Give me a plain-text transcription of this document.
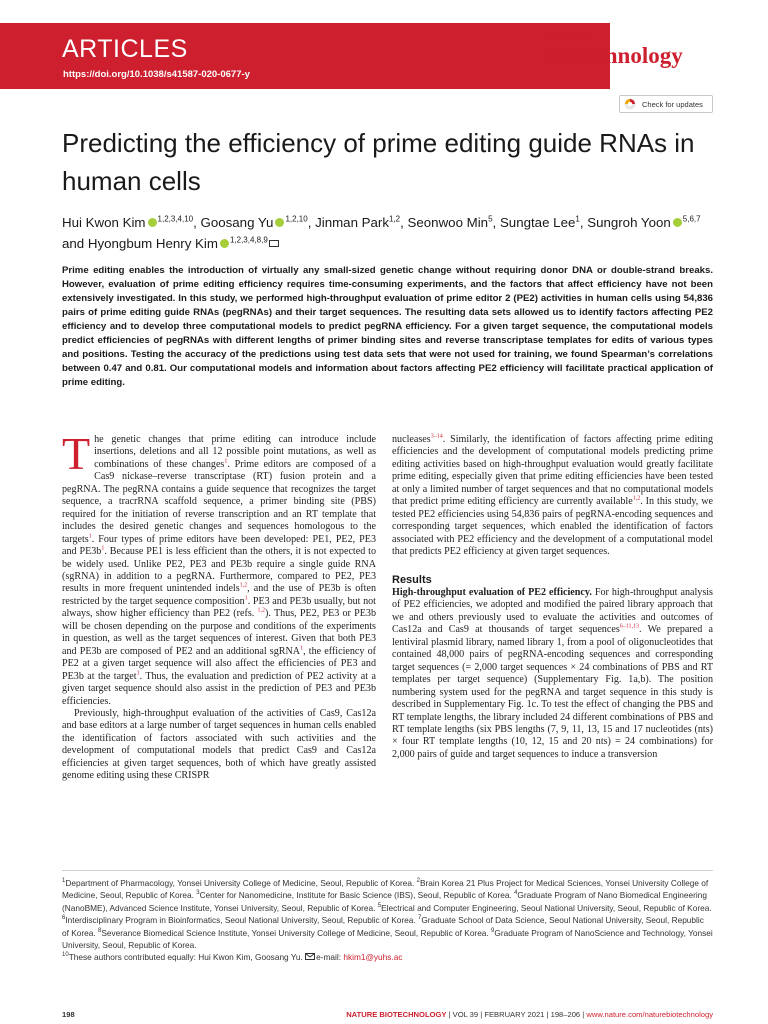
ARTICLES
https://doi.org/10.1038/s41587-020-0677-y
nature
biotechnology
Check for updates
Predicting the efficiency of prime editing guide RNAs in human cells
Hui Kwon Kim $^{1,2,3,4,10}$, Goosang Yu $^{1,2,10}$, Jinman Park$^{1,2}$, Seonwoo Min$^5$, Sungtae Lee$^1$, Sungroh Yoon $^{5,6,7}$ and Hyongbum Henry Kim $^{1,2,3,4,8,9}$
Prime editing enables the introduction of virtually any small-sized genetic change without requiring donor DNA or double-strand breaks. However, evaluation of prime editing efficiency requires time-consuming experiments, and the factors that affect efficiency have not been extensively investigated. In this study, we performed high-throughput evaluation of prime editor 2 (PE2) activities in human cells using 54,836 pairs of prime editing guide RNAs (pegRNAs) and their target sequences. The resulting data sets allowed us to identify factors affecting PE2 efficiency and to develop three computational models to predict pegRNA efficiency. For a given target sequence, the computational models predict efficiencies of pegRNAs with different lengths of primer binding sites and reverse transcriptase templates for edits of various types and positions. Testing the accuracy of the predictions using test data sets that were not used for training, we found Spearman’s correlations between 0.47 and 0.81. Our computational models and information about factors affecting PE2 efficiency will facilitate practical application of prime editing.

T he genetic changes that prime editing can introduce include insertions, deletions and all 12 possible point mutations, as well as combinations of these changes$^1$. Prime editors are composed of a Cas9 nickase–reverse transcriptase (RT) fusion protein and a pegRNA. The pegRNA contains a guide sequence that recognizes the target sequence, a tracrRNA scaffold sequence, a primer binding site (PBS) required for the initiation of reverse transcription and an RT template that includes the desired genetic changes and sequences homologous to the targets$^1$. Four types of prime editors have been developed: PE1, PE2, PE3 and PE3b$^1$. Because PE1 is less efficient than the others, it is not expected to be widely used. Unlike PE2, PE3 and PE3b require a single guide RNA (sgRNA) in addition to a pegRNA. Furthermore, compared to PE2, PE3 results in more frequent unintended indels$^{1,2}$, and the use of PE3b is often restricted by the target sequence composition$^1$. PE3 and PE3b usually, but not always, show higher efficiency than PE2 (refs. $^{1,2}$). Thus, PE2, PE3 or PE3b will be chosen depending on the purpose and conditions of the experiments in question, as well as the target sequences of interest. Given that both PE3 and PE3b are composed of PE2 and an additional sgRNA$^1$, the efficiency of PE2 at a given target sequence will also affect the efficiencies of PE3 and PE3b at the target$^1$. Thus, the evaluation and prediction of PE2 activity at a given target sequence should also assist in the prediction of PE3 and PE3b efficiencies.

Previously, high-throughput evaluation of the activities of Cas9, Cas12a and base editors at a large number of target sequences in human cells enabled the identification of factors associated with such activities and the development of computational models that predict Cas9 and Cas12a efficiencies at given target sequences, both of which have greatly assisted genome editing using these CRISPR

nucleases$^{3-14}$. Similarly, the identification of factors affecting prime editing efficiencies and the development of computational models predicting prime editing activities based on high-throughput evaluation would greatly facilitate prime editing, especially given that prime editing efficiencies have been tested at only a limited number of target sequences and that no computational models that predict prime editing efficiency are currently available$^{1,2}$. In this study, we tested PE2 efficiencies using 54,836 pairs of pegRNA-encoding sequences and corresponding target sequences, which enabled the identification of factors associated with PE2 efficiency and the development of a computational model that predicts PE2 efficiency at given target sequences.

Results

High-throughput evaluation of PE2 efficiency. For high-throughput analysis of PE2 efficiencies, we adopted and modified the paired library approach that we and others previously used to evaluate the activities and outcomes of Cas12a and Cas9 at thousands of target sequences$^{6-11,13}$. We prepared a lentiviral plasmid library, named library 1, from a pool of oligonucleotides that contained 48,000 pairs of pegRNA-encoding sequences and corresponding target sequences (= 2,000 target sequences × 24 combinations of PBS and RT templates per target sequence) (Supplementary Fig. 1a,b). The position numbering system used for the pegRNA and target sequence in this study is described in Supplementary Fig. 1c. To test the effect of changing the PBS and RT template lengths, the library included 24 different combinations of PBS and RT template lengths (six PBS lengths (7, 9, 11, 13, 15 and 17 nucleotides (nts) × four RT template lengths (10, 12, 15 and 20 nts) = 24 combinations) for 2,000 pairs of guide and target sequences to induce a transversion

$^1$Department of Pharmacology, Yonsei University College of Medicine, Seoul, Republic of Korea. $^2$Brain Korea 21 Plus Project for Medical Sciences, Yonsei University College of Medicine, Seoul, Republic of Korea. $^3$Center for Nanomedicine, Institute for Basic Science (IBS), Seoul, Republic of Korea. $^4$Graduate Program of Nano Biomedical Engineering (NanoBME), Advanced Science Institute, Yonsei University, Seoul, Republic of Korea. $^5$Electrical and Computer Engineering, Seoul National University, Seoul, Republic of Korea. $^6$Interdisciplinary Program in Bioinformatics, Seoul National University, Seoul, Republic of Korea. $^7$Graduate School of Data Science, Seoul National University, Seoul, Republic of Korea. $^8$Severance Biomedical Science Institute, Yonsei University College of Medicine, Seoul, Republic of Korea. $^9$Graduate Program of NanoScience and Technology, Yonsei University, Seoul, Republic of Korea.
$^{10}$These authors contributed equally: Hui Kwon Kim, Goosang Yu. e-mail: hkim1@yuhs.ac
198	NATURE BIOTECHNOLOGY | VOL 39 | FEBRUARY 2021 | 198–206 | www.nature.com/naturebiotechnology
